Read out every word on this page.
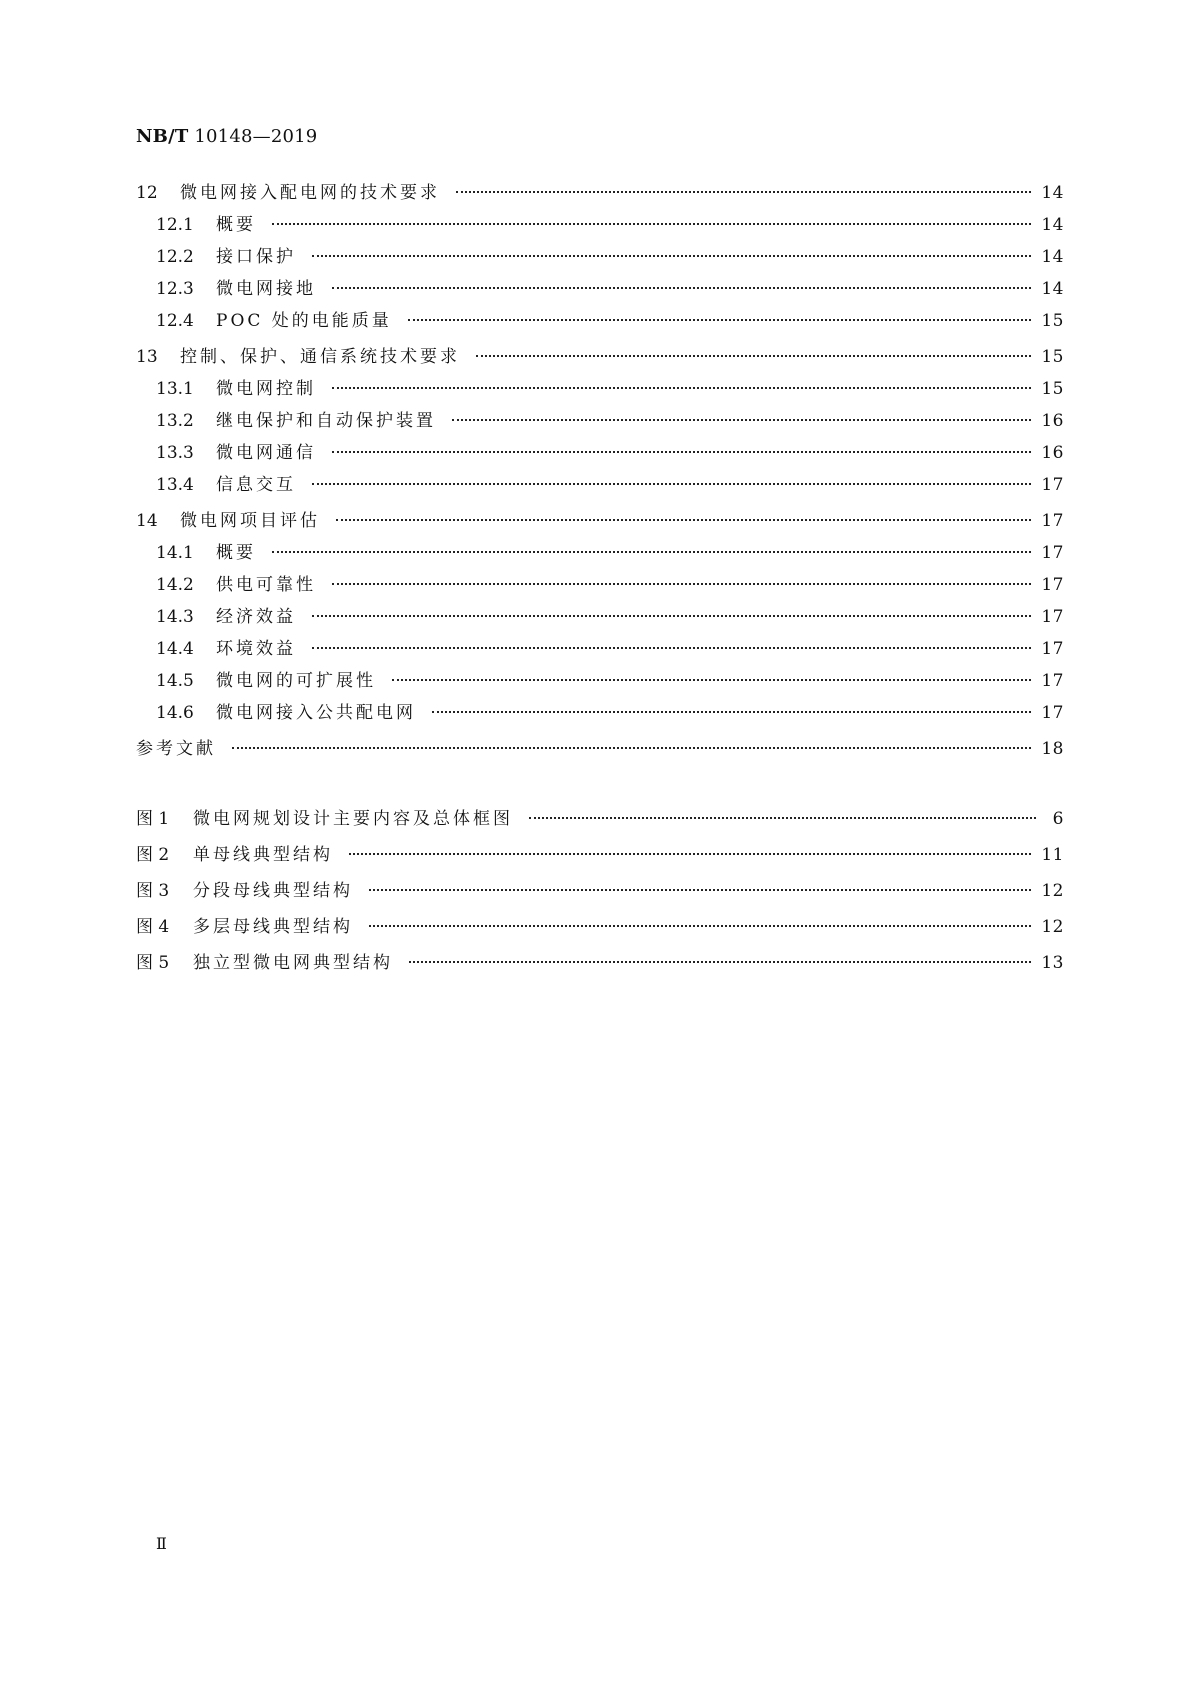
NB/T 10148—2019
12	微电网接入配电网的技术要求	14
12.1	概要	14
12.2	接口保护	14
12.3	微电网接地	14
12.4	POC 处的电能质量	15
13	控制、保护、通信系统技术要求	15
13.1	微电网控制	15
13.2	继电保护和自动保护装置	16
13.3	微电网通信	16
13.4	信息交互	17
14	微电网项目评估	17
14.1	概要	17
14.2	供电可靠性	17
14.3	经济效益	17
14.4	环境效益	17
14.5	微电网的可扩展性	17
14.6	微电网接入公共配电网	17
参考文献	18
图 1	微电网规划设计主要内容及总体框图	6
图 2	单母线典型结构	11
图 3	分段母线典型结构	12
图 4	多层母线典型结构	12
图 5	独立型微电网典型结构	13
Ⅱ
